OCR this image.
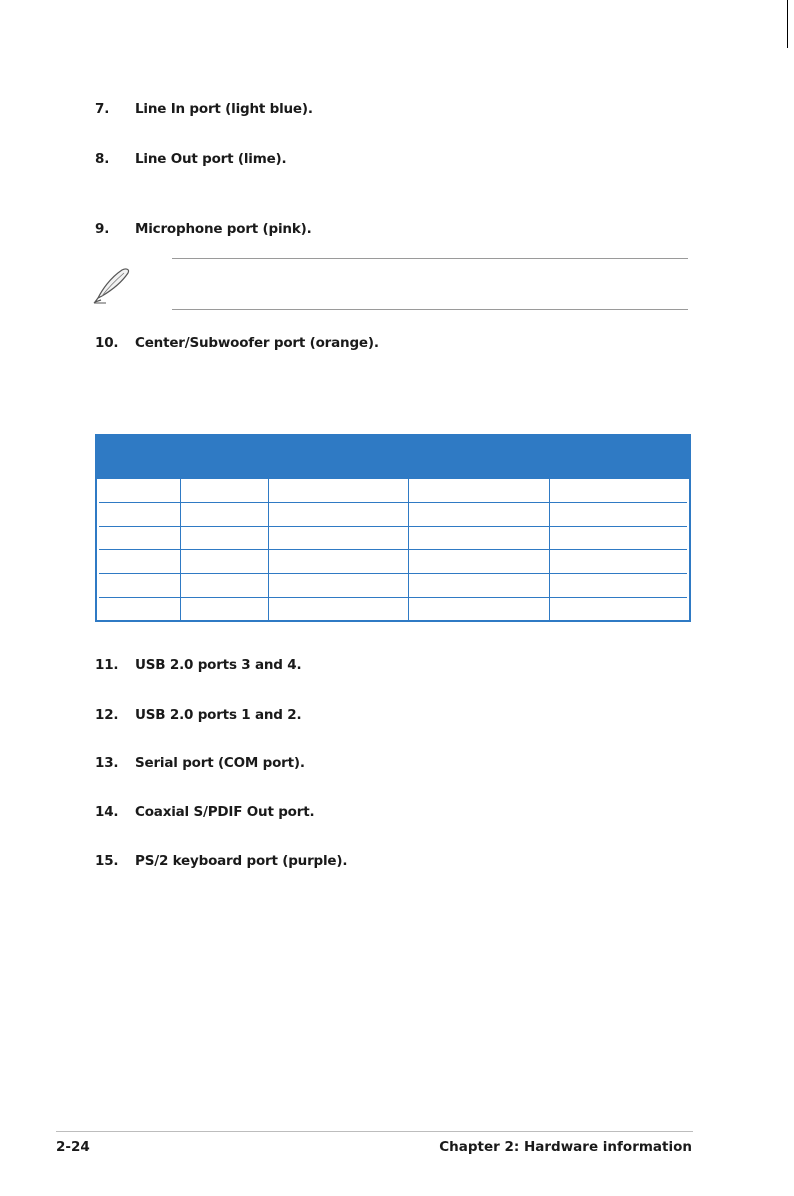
7. Line In port (light blue).
8. Line Out port (lime).
9. Microphone port (pink).
10. Center/Subwoofer port (orange).
11. USB 2.0 ports 3 and 4.
12. USB 2.0 ports 1 and 2.
13. Serial port (COM port).
14. Coaxial S/PDIF Out port.
15. PS/2 keyboard port (purple).
2-24	Chapter 2: Hardware information
